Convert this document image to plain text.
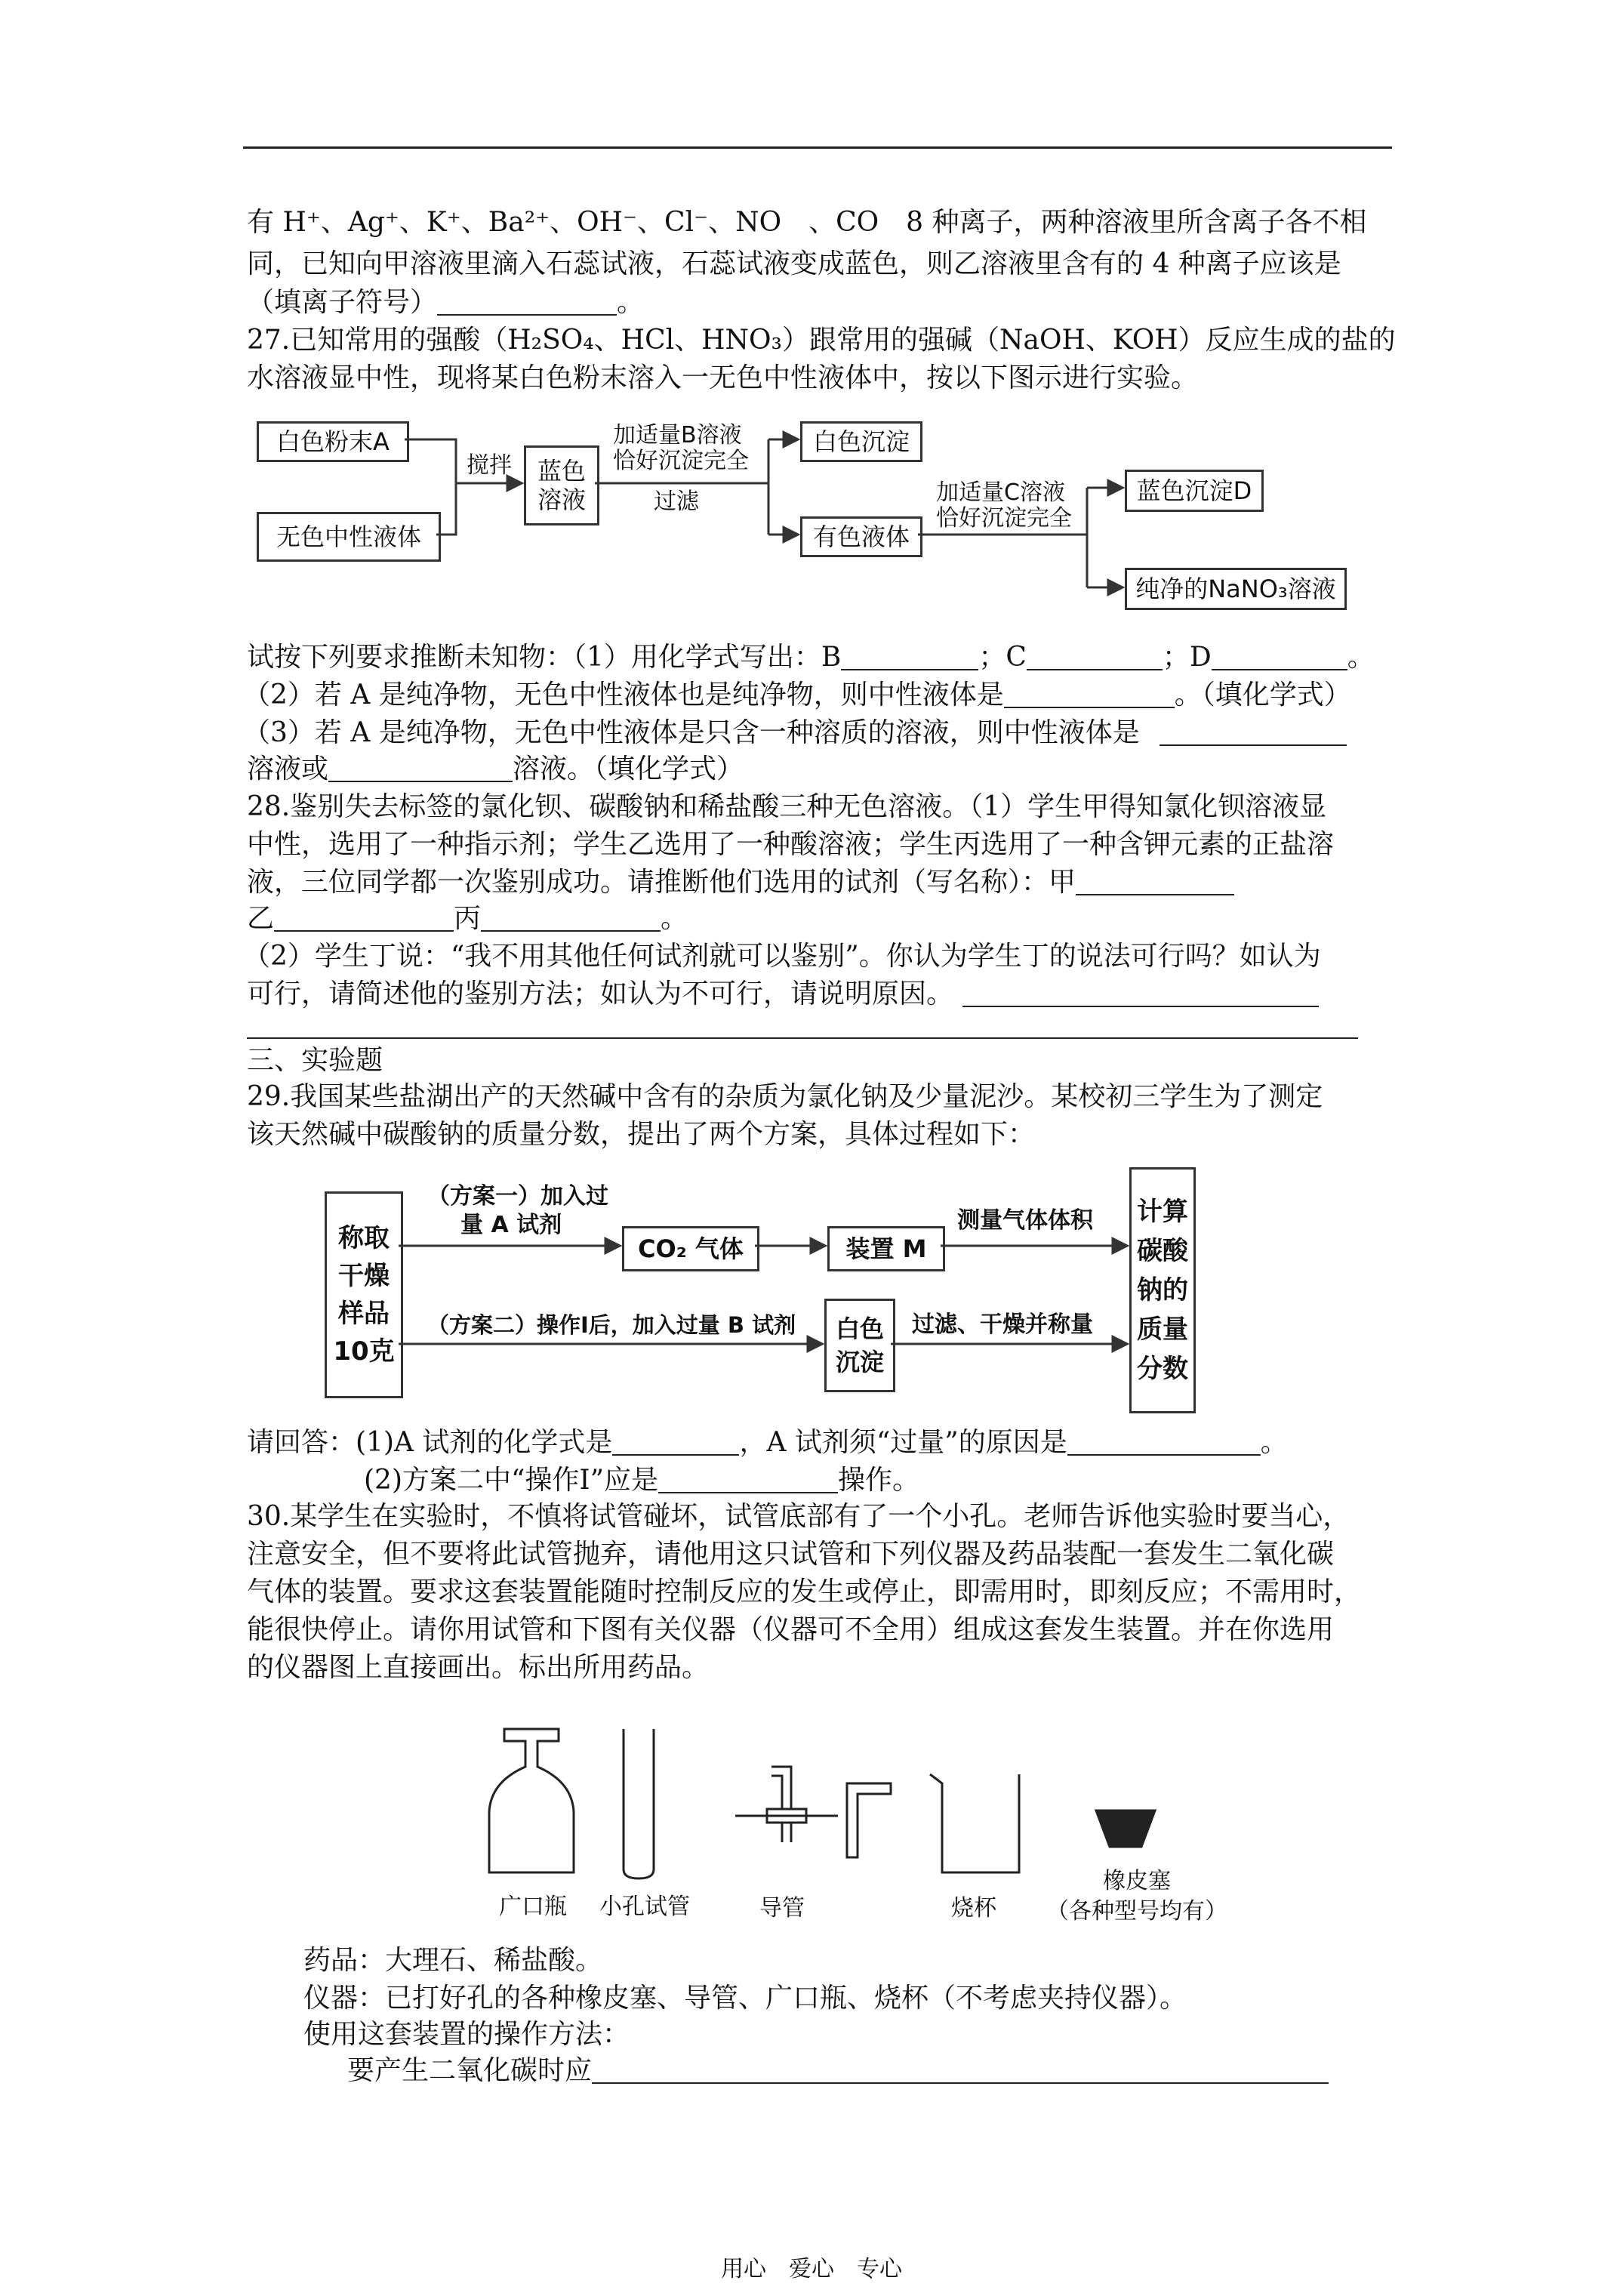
有 H⁺、Ag⁺、K⁺、Ba²⁺、OH⁻、Cl⁻、NO　、CO　8 种离子，两种溶液里所含离子各不相
同，已知向甲溶液里滴入石蕊试液，石蕊试液变成蓝色，则乙溶液里含有的 4 种离子应该是
（填离子符号）	。
27.已知常用的强酸（H₂SO₄、HCl、HNO₃）跟常用的强碱（NaOH、KOH）反应生成的盐的
水溶液显中性，现将某白色粉末溶入一无色中性液体中，按以下图示进行实验。
白色粉末A
无色中性液体
搅拌	蓝色溶液
加适量B溶液
恰好沉淀完全
过滤
白色沉淀
有色液体
加适量C溶液
恰好沉淀完全
蓝色沉淀D
纯净的NaNO₃溶液
试按下列要求推断未知物：（1）用化学式写出：B	；C	；D	。
（2）若 A 是纯净物，无色中性液体也是纯净物，则中性液体是	。（填化学式）
（3）若 A 是纯净物，无色中性液体是只含一种溶质的溶液，则中性液体是
溶液或	溶液。（填化学式）
28.鉴别失去标签的氯化钡、碳酸钠和稀盐酸三种无色溶液。（1）学生甲得知氯化钡溶液显
中性，选用了一种指示剂；学生乙选用了一种酸溶液；学生丙选用了一种含钾元素的正盐溶
液，三位同学都一次鉴别成功。请推断他们选用的试剂（写名称）：甲
乙	丙	。
（2）学生丁说：“我不用其他任何试剂就可以鉴别”。你认为学生丁的说法可行吗？如认为
可行，请简述他的鉴别方法；如认为不可行，请说明原因。
三、实验题
29.我国某些盐湖出产的天然碱中含有的杂质为氯化钠及少量泥沙。某校初三学生为了测定
该天然碱中碳酸钠的质量分数，提出了两个方案，具体过程如下：
称取干燥样品10克
（方案一）加入过
量 A 试剂
CO₂ 气体	装置 M
测量气体体积 计算碳酸钠的质量分数
（方案二）操作Ⅰ后，加入过量 B 试剂	白色沉淀
过滤、干燥并称量
请回答：(1)A 试剂的化学式是	，A 试剂须“过量”的原因是	。
(2)方案二中“操作Ⅰ”应是	操作。
30.某学生在实验时，不慎将试管碰坏，试管底部有了一个小孔。老师告诉他实验时要当心，
注意安全，但不要将此试管抛弃，请他用这只试管和下列仪器及药品装配一套发生二氧化碳
气体的装置。要求这套装置能随时控制反应的发生或停止，即需用时，即刻反应；不需用时，
能很快停止。请你用试管和下图有关仪器（仪器可不全用）组成这套发生装置。并在你选用
的仪器图上直接画出。标出所用药品。
广口瓶	小孔试管	导管	烧杯
橡皮塞
（各种型号均有）
药品：大理石、稀盐酸。
仪器：已打好孔的各种橡皮塞、导管、广口瓶、烧杯（不考虑夹持仪器）。
使用这套装置的操作方法：
要产生二氧化碳时应
用心　爱心　专心
